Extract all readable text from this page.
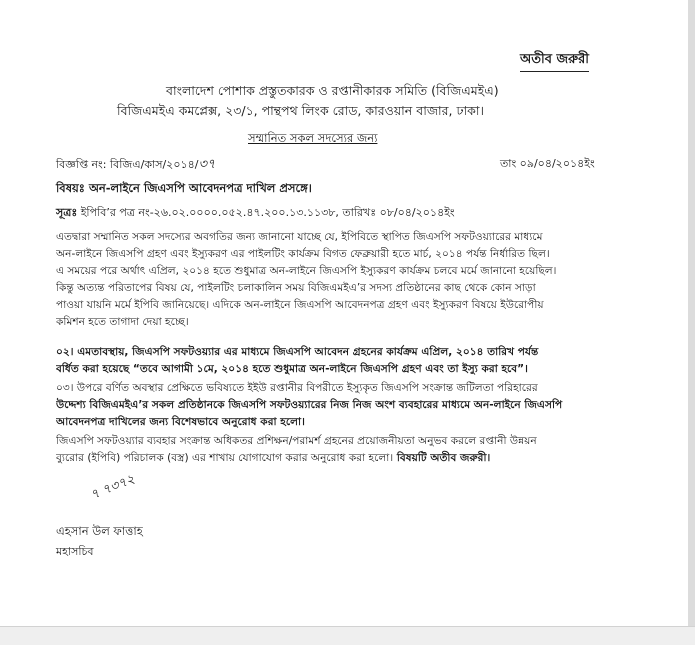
অতীব জরুরী
বাংলাদেশ পোশাক প্রস্তুতকারক ও রপ্তানীকারক সমিতি (বিজিএমইএ)
বিজিএমইএ কমপ্লেক্স, ২৩/১, পান্থপথ লিংক রোড, কারওয়ান বাজার, ঢাকা।
সম্মানিত সকল সদস্যের জন্য
বিজ্ঞপ্তি নং: বিজিএ/কাস/২০১৪/৩৭	তাং ০৯/০৪/২০১৪ইং
বিষয়ঃ অন-লাইনে জিএসপি আবেদনপত্র দাখিল প্রসঙ্গে।
সূত্রঃ ইপিবি’র পত্র নং-২৬.০২.০০০০.০৫২.৪৭.২০০.১৩.১১৩৮, তারিখঃ ০৮/০৪/২০১৪ইং
এতদ্বারা সম্মানিত সকল সদস্যের অবগতির জন্য জানানো যাচ্ছে যে, ইপিবিতে স্থাপিত জিএসপি সফটওয়্যারের মাধ্যমে
অন-লাইনে জিএসপি গ্রহণ এবং ইস্যুকরণ এর পাইলটিং কার্যক্রম বিগত ফেব্রুয়ারী হতে মার্চ, ২০১৪ পর্যন্ত নির্ধারিত ছিল।
এ সময়ের পরে অর্থাৎ এপ্রিল, ২০১৪ হতে শুধুমাত্র অন-লাইনে জিএসপি ইস্যুকরণ কার্যক্রম চলবে মর্মে জানানো হয়েছিল।
কিন্তু অত্যন্ত পরিতাপের বিষয় যে, পাইলটিং চলাকালিন সময় বিজিএমইএ’র সদস্য প্রতিষ্ঠানের কাছ থেকে কোন সাড়া
পাওয়া যায়নি মর্মে ইপিবি জানিয়েছে। এদিকে অন-লাইনে জিএসপি আবেদনপত্র গ্রহণ এবং ইস্যুকরণ বিষয়ে ইউরোপীয়
কমিশন হতে তাগাদা দেয়া হচ্ছে।
০২। এমতাবস্থায়, জিএসপি সফটওয়্যার এর মাধ্যমে জিএসপি আবেদন গ্রহনের কার্যক্রম এপ্রিল, ২০১৪ তারিখ পর্যন্ত
বর্ধিত করা হয়েছে “তবে আগামী ১মে, ২০১৪ হতে শুধুমাত্র অন-লাইনে জিএসপি গ্রহণ এবং তা ইস্যু করা হবে”।
০৩। উপরে বর্ণিত অবস্থার প্রেক্ষিতে ভবিষ্যতে ইইউ রপ্তানীর বিপরীতে ইস্যুকৃত জিএসপি সংক্রান্ত জটিলতা পরিহারের
উদ্দেশ্য বিজিএমইএ’র সকল প্রতিষ্ঠানকে জিএসপি সফটওয়্যারের নিজ নিজ অংশ ব্যবহারের মাধ্যমে অন-লাইনে জিএসপি
আবেদনপত্র দাখিলের জন্য বিশেষভাবে অনুরোধ করা হলো।
জিএসপি সফটওয়্যার ব্যবহার সংক্রান্ত অধিকতর প্রশিক্ষন/পরামর্শ গ্রহনের প্রয়োজনীয়তা অনুভব করলে রপ্তানী উন্নয়ন
ব্যুরোর (ইপিবি) পরিচালক (বস্ত্র) এর শাখায় যোগাযোগ করার অনুরোধ করা হলো। বিষয়টি অতীব জরুরী।
৭ ৭৩৭২
এহসান উল ফাত্তাহ
মহাসচিব
